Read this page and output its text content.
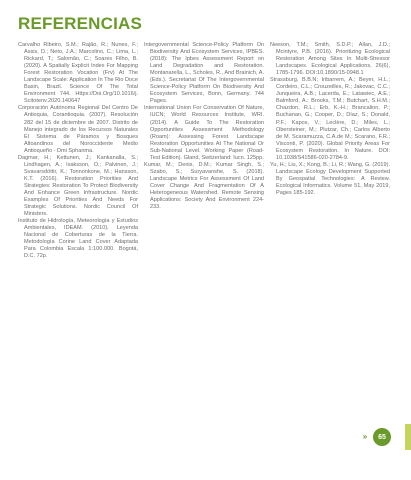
REFERENCIAS

Carvalho Ribeiro, S.M.; Rajão, R.; Nunes, F.; Assis, D.; Neto, J.A.; Marcolino, C.; Lima, L.; Rickard, T.; Salomão, C.; Soares Filho, B. (2020). A Spatially Explicit Index For Mapping Forest Restoration Vocation (Frv) At The Landscape Scale: Application In The Rio Doce Basin, Brazil. Science Of The Total Environment 744. Https://Doi.Org/10.1016/j. Scitotenv.2020.140647

Corporación Autónoma Regional Del Centro De Antioquia, Corantioquia. (2007). Resolución 282 del 15 de diciembre de 2007. Distrito de Manejo integrado de los Recursos Naturales El Sistema de Páramos y Bosques Altoandinos del Noroccidente Medio Antioqueño - Dmi Sphanma.

Dagmar, H.; Kettunen, J.; Kankanalla, S.; Lindhagen, A.; Isaksson, O.; Palvinen, J.; Svavarsdóttir, K.; Tonnonkone, M.; Hansson, K.T. (2016). Restoration Priorities And Strategies: Restoration To Protect Biodiversity And Enhance Green Infrastructure. Nordic Examples Of Priorities And Needs For Strategic Solutions. Nordic Council Of Ministers.

Instituto de Hidrología, Meteorología y Estudios Ambientales, IDEAM. (2010). Leyenda Nacional de Coberturas de la Tierra. Metodología Corine Land Cover Adaptada Para Colombia Escala 1:100.000. Bogotá, D.C. 72p.

Intergovernmental Science-Policy Platform On Biodiversity And Ecosystem Services, IPBES. (2018): The Ipbes Assessment Report on Land Degradation and Restoration. Montanarella, L., Scholes, R., And Brainich, A. (Eds.). Secretariat Of The Intergovernmental Science-Policy Platform On Biodiversity And Ecosystem Services, Bonn, Germany. 744 Pages.

International Union For Conservation Of Nature, IUCN; World Resources Institute, WRI. (2014). A Guide To The Restoration Opportunities Assessment Methodology (Roam): Assessing Forest Landscape Restoration Opportunities At The National Or Sub-National Level. Working Paper (Road-Test Edition). Gland, Switzerland: Iucn. 125pp.

Kumar, M.; Denis, D.M.; Kumar Singh, S.; Szabo, S.; Suryavanshe, S. (2018). Landscape Metrics For Assessment Of Land Cover Change And Fragmentation Of A Heterogeneous Watershed. Remote Sensing Applications: Society And Environment 224-233.

Neeson, T.M.; Smith, S.D.P.; Allan, J.D.; Mcintyre, P.B. (2016). Prioritizing Ecological Restoration Among Sites In Multi-Stressor Landscapes. Ecological Applications, 26(6), 1785-1796. DOI:10.1890/15-0948.1

Strassburg, B.B.N; Iribarrem, A.; Beyer, H.L.; Cordeiro, C.L.; Crouzeilles, R.; Jakovac, C.C.; Junqueira, A.B.; Lacerda, E.; Latawiec, A.E.; Balmford, A.; Brooks, T.M.; Butchart, S.H.M.; Chazdon, R.L.; Erb, K.-H.; Brancalion, P.; Buchanan, G.; Cooper, D.; Díaz, S.; Donald, P.F.; Kapos, V.; Leclère, D.; Miles, L.; Obersteiner, M.; Plutzar, Ch.; Carlos Alberto de M. Scaramuzza, C.A.de M.; Scarano, F.R.; Visconti, P. (2020). Global Priority Areas For Ecosystem Restoration. In Nature. DOI: 10.1038/S41586-020-2784-9.

Yu, H.; Liu, X.; Kong, B.; Li, R.; Wang, G. (2019). Landscape Ecology Development Supported By Geospatial Technologies: A Review. Ecological Informatics. Volume 51, May 2019, Pages 185-192.

»	65
